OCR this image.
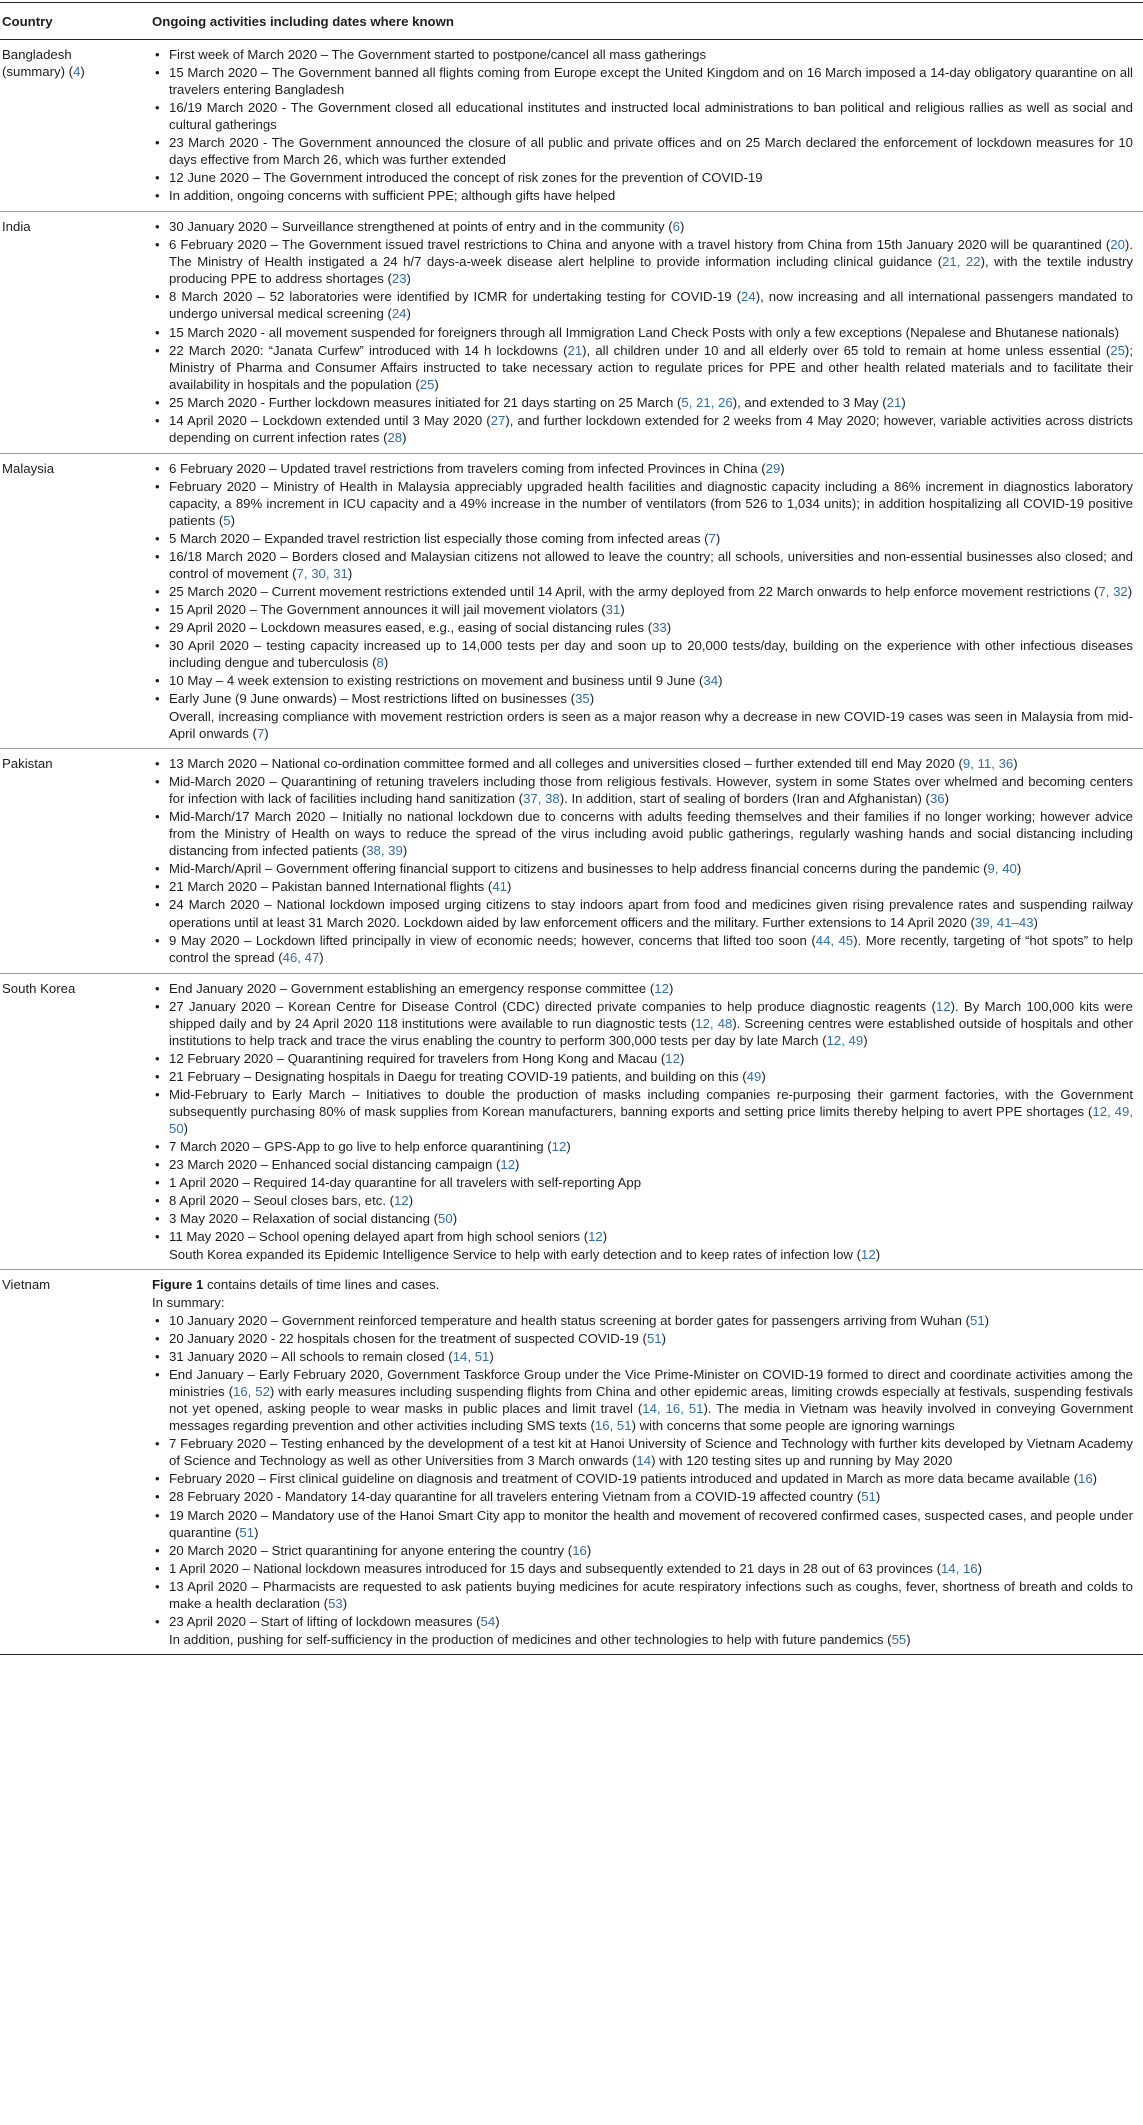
Country	Ongoing activities including dates where known
Bangladesh
(summary) (4)
• First week of March 2020 – The Government started to postpone/cancel all mass gatherings
• 15 March 2020 – The Government banned all flights coming from Europe except the United Kingdom and on 16 March imposed a 14-day obligatory quarantine on all travelers entering Bangladesh
• 16/19 March 2020 - The Government closed all educational institutes and instructed local administrations to ban political and religious rallies as well as social and cultural gatherings
• 23 March 2020 - The Government announced the closure of all public and private offices and on 25 March declared the enforcement of lockdown measures for 10 days effective from March 26, which was further extended
• 12 June 2020 – The Government introduced the concept of risk zones for the prevention of COVID-19
• In addition, ongoing concerns with sufficient PPE; although gifts have helped
India	• 30 January 2020 – Surveillance strengthened at points of entry and in the community (6)
• 6 February 2020 – The Government issued travel restrictions to China and anyone with a travel history from China from 15th January 2020 will be quarantined (20). The Ministry of Health instigated a 24 h/7 days-a-week disease alert helpline to provide information including clinical guidance (21, 22), with the textile industry producing PPE to address shortages (23)
• 8 March 2020 – 52 laboratories were identified by ICMR for undertaking testing for COVID-19 (24), now increasing and all international passengers mandated to undergo universal medical screening (24)
• 15 March 2020 - all movement suspended for foreigners through all Immigration Land Check Posts with only a few exceptions (Nepalese and Bhutanese nationals)
• 22 March 2020: “Janata Curfew” introduced with 14 h lockdowns (21), all children under 10 and all elderly over 65 told to remain at home unless essential (25); Ministry of Pharma and Consumer Affairs instructed to take necessary action to regulate prices for PPE and other health related materials and to facilitate their availability in hospitals and the population (25)
• 25 March 2020 - Further lockdown measures initiated for 21 days starting on 25 March (5, 21, 26), and extended to 3 May (21)
• 14 April 2020 – Lockdown extended until 3 May 2020 (27), and further lockdown extended for 2 weeks from 4 May 2020; however, variable activities across districts depending on current infection rates (28)
Malaysia	• 6 February 2020 – Updated travel restrictions from travelers coming from infected Provinces in China (29)
• February 2020 – Ministry of Health in Malaysia appreciably upgraded health facilities and diagnostic capacity including a 86% increment in diagnostics laboratory capacity, a 89% increment in ICU capacity and a 49% increase in the number of ventilators (from 526 to 1,034 units); in addition hospitalizing all COVID-19 positive patients (5)
• 5 March 2020 – Expanded travel restriction list especially those coming from infected areas (7)
• 16/18 March 2020 – Borders closed and Malaysian citizens not allowed to leave the country; all schools, universities and non-essential businesses also closed; and control of movement (7, 30, 31)
• 25 March 2020 – Current movement restrictions extended until 14 April, with the army deployed from 22 March onwards to help enforce movement restrictions (7, 32)
• 15 April 2020 – The Government announces it will jail movement violators (31)
• 29 April 2020 – Lockdown measures eased, e.g., easing of social distancing rules (33)
• 30 April 2020 – testing capacity increased up to 14,000 tests per day and soon up to 20,000 tests/day, building on the experience with other infectious diseases including dengue and tuberculosis (8)
• 10 May – 4 week extension to existing restrictions on movement and business until 9 June (34)
• Early June (9 June onwards) – Most restrictions lifted on businesses (35)
Overall, increasing compliance with movement restriction orders is seen as a major reason why a decrease in new COVID-19 cases was seen in Malaysia from mid-April onwards (7)
Pakistan	• 13 March 2020 – National co-ordination committee formed and all colleges and universities closed – further extended till end May 2020 (9, 11, 36)
• Mid-March 2020 – Quarantining of retuning travelers including those from religious festivals. However, system in some States over whelmed and becoming centers for infection with lack of facilities including hand sanitization (37, 38). In addition, start of sealing of borders (Iran and Afghanistan) (36)
• Mid-March/17 March 2020 – Initially no national lockdown due to concerns with adults feeding themselves and their families if no longer working; however advice from the Ministry of Health on ways to reduce the spread of the virus including avoid public gatherings, regularly washing hands and social distancing including distancing from infected patients (38, 39)
• Mid-March/April – Government offering financial support to citizens and businesses to help address financial concerns during the pandemic (9, 40)
• 21 March 2020 – Pakistan banned International flights (41)
• 24 March 2020 – National lockdown imposed urging citizens to stay indoors apart from food and medicines given rising prevalence rates and suspending railway operations until at least 31 March 2020. Lockdown aided by law enforcement officers and the military. Further extensions to 14 April 2020 (39, 41–43)
• 9 May 2020 – Lockdown lifted principally in view of economic needs; however, concerns that lifted too soon (44, 45). More recently, targeting of “hot spots” to help control the spread (46, 47)
South Korea	• End January 2020 – Government establishing an emergency response committee (12)
• 27 January 2020 – Korean Centre for Disease Control (CDC) directed private companies to help produce diagnostic reagents (12). By March 100,000 kits were shipped daily and by 24 April 2020 118 institutions were available to run diagnostic tests (12, 48). Screening centres were established outside of hospitals and other institutions to help track and trace the virus enabling the country to perform 300,000 tests per day by late March (12, 49)
• 12 February 2020 – Quarantining required for travelers from Hong Kong and Macau (12)
• 21 February – Designating hospitals in Daegu for treating COVID-19 patients, and building on this (49)
• Mid-February to Early March – Initiatives to double the production of masks including companies re-purposing their garment factories, with the Government subsequently purchasing 80% of mask supplies from Korean manufacturers, banning exports and setting price limits thereby helping to avert PPE shortages (12, 49, 50)
• 7 March 2020 – GPS-App to go live to help enforce quarantining (12)
• 23 March 2020 – Enhanced social distancing campaign (12)
• 1 April 2020 – Required 14-day quarantine for all travelers with self-reporting App
• 8 April 2020 – Seoul closes bars, etc. (12)
• 3 May 2020 – Relaxation of social distancing (50)
• 11 May 2020 – School opening delayed apart from high school seniors (12)
South Korea expanded its Epidemic Intelligence Service to help with early detection and to keep rates of infection low (12)
Vietnam	Figure 1 contains details of time lines and cases.
In summary:
• 10 January 2020 – Government reinforced temperature and health status screening at border gates for passengers arriving from Wuhan (51)
• 20 January 2020 - 22 hospitals chosen for the treatment of suspected COVID-19 (51)
• 31 January 2020 – All schools to remain closed (14, 51)
• End January – Early February 2020, Government Taskforce Group under the Vice Prime-Minister on COVID-19 formed to direct and coordinate activities among the ministries (16, 52) with early measures including suspending flights from China and other epidemic areas, limiting crowds especially at festivals, suspending festivals not yet opened, asking people to wear masks in public places and limit travel (14, 16, 51). The media in Vietnam was heavily involved in conveying Government messages regarding prevention and other activities including SMS texts (16, 51) with concerns that some people are ignoring warnings
• 7 February 2020 – Testing enhanced by the development of a test kit at Hanoi University of Science and Technology with further kits developed by Vietnam Academy of Science and Technology as well as other Universities from 3 March onwards (14) with 120 testing sites up and running by May 2020
• February 2020 – First clinical guideline on diagnosis and treatment of COVID-19 patients introduced and updated in March as more data became available (16)
• 28 February 2020 - Mandatory 14-day quarantine for all travelers entering Vietnam from a COVID-19 affected country (51)
• 19 March 2020 – Mandatory use of the Hanoi Smart City app to monitor the health and movement of recovered confirmed cases, suspected cases, and people under quarantine (51)
• 20 March 2020 – Strict quarantining for anyone entering the country (16)
• 1 April 2020 – National lockdown measures introduced for 15 days and subsequently extended to 21 days in 28 out of 63 provinces (14, 16)
• 13 April 2020 – Pharmacists are requested to ask patients buying medicines for acute respiratory infections such as coughs, fever, shortness of breath and colds to make a health declaration (53)
• 23 April 2020 – Start of lifting of lockdown measures (54)
In addition, pushing for self-sufficiency in the production of medicines and other technologies to help with future pandemics (55)
